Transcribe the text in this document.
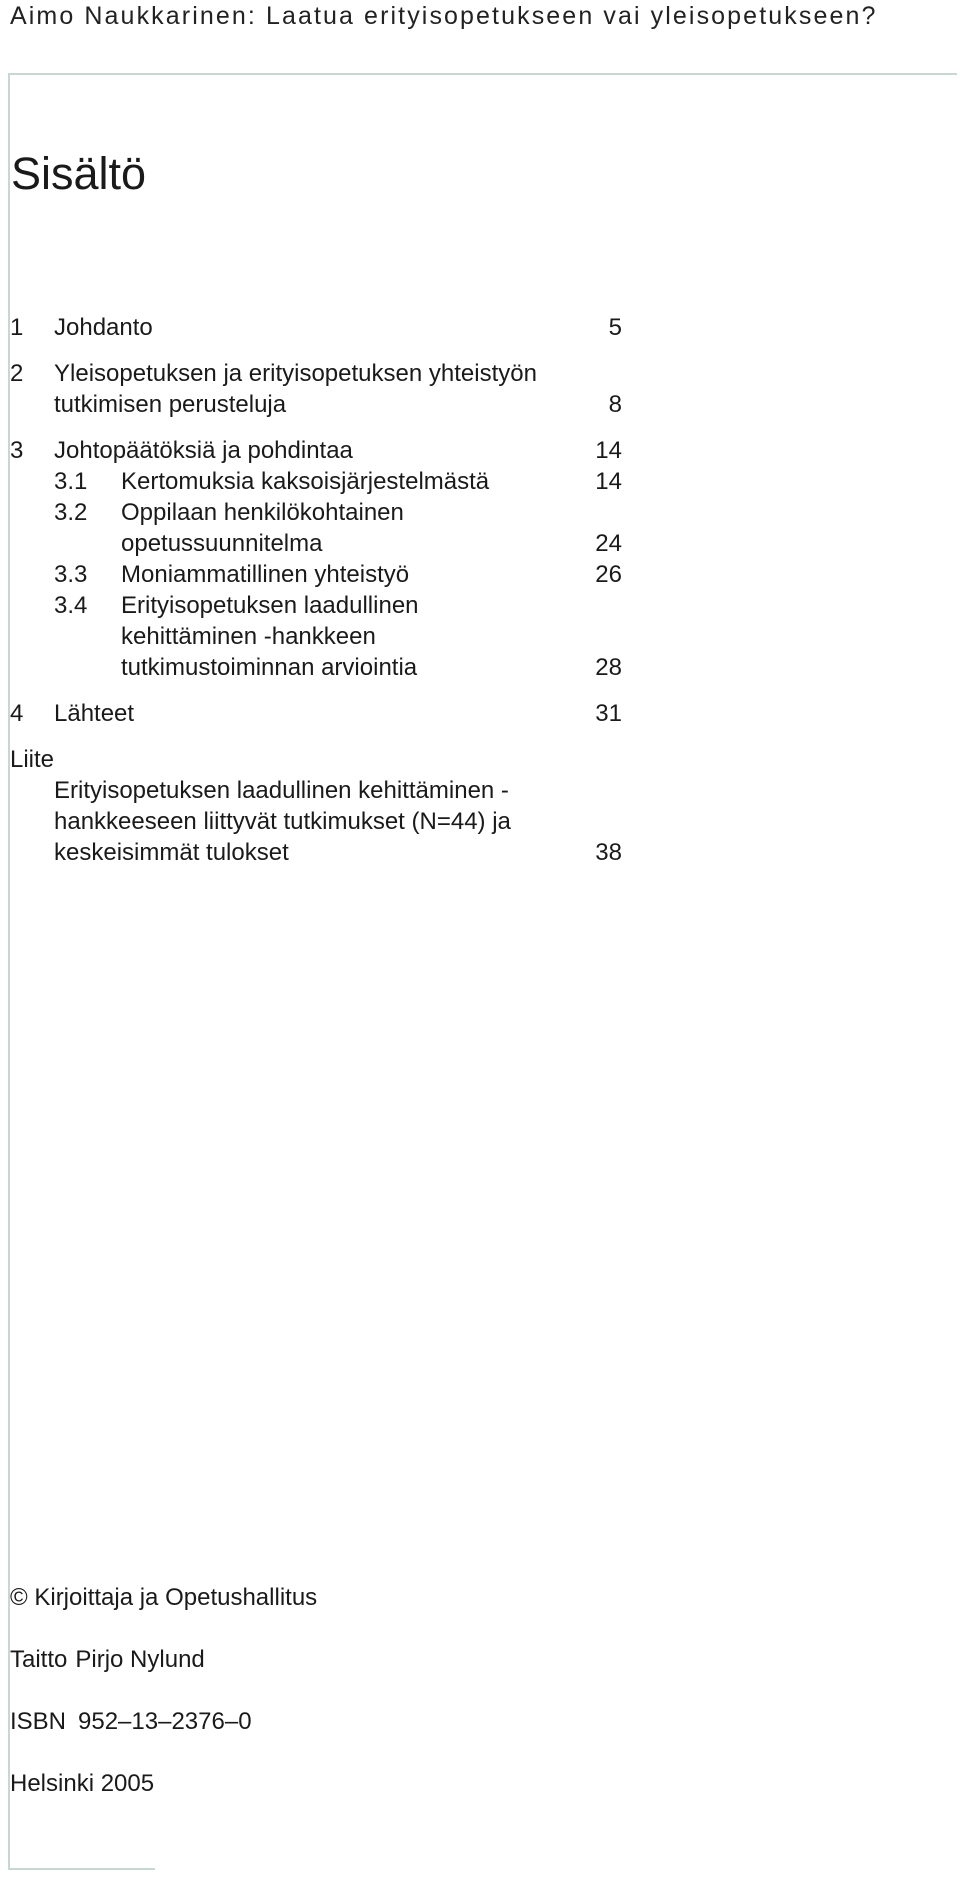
Aimo Naukkarinen: Laatua erityisopetukseen vai yleisopetukseen?
Sisältö
1	Johdanto	5
2	Yleisopetuksen ja erityisopetuksen yhteistyön tutkimisen perusteluja	8
3	Johtopäätöksiä ja pohdintaa	14
3.1	Kertomuksia kaksoisjärjestelmästä	14
3.2	Oppilaan henkilökohtainen opetussuunnitelma	24
3.3	Moniammatillinen yhteistyö	26
3.4	Erityisopetuksen laadullinen kehittäminen -hankkeen tutkimustoiminnan arviointia	28
4	Lähteet	31
Liite
Erityisopetuksen laadullinen kehittäminen -hankkeeseen liittyvät tutkimukset (N=44) ja keskeisimmät tulokset	38
© Kirjoittaja ja Opetushallitus
Taitto Pirjo Nylund
ISBN 952–13–2376–0
Helsinki 2005
